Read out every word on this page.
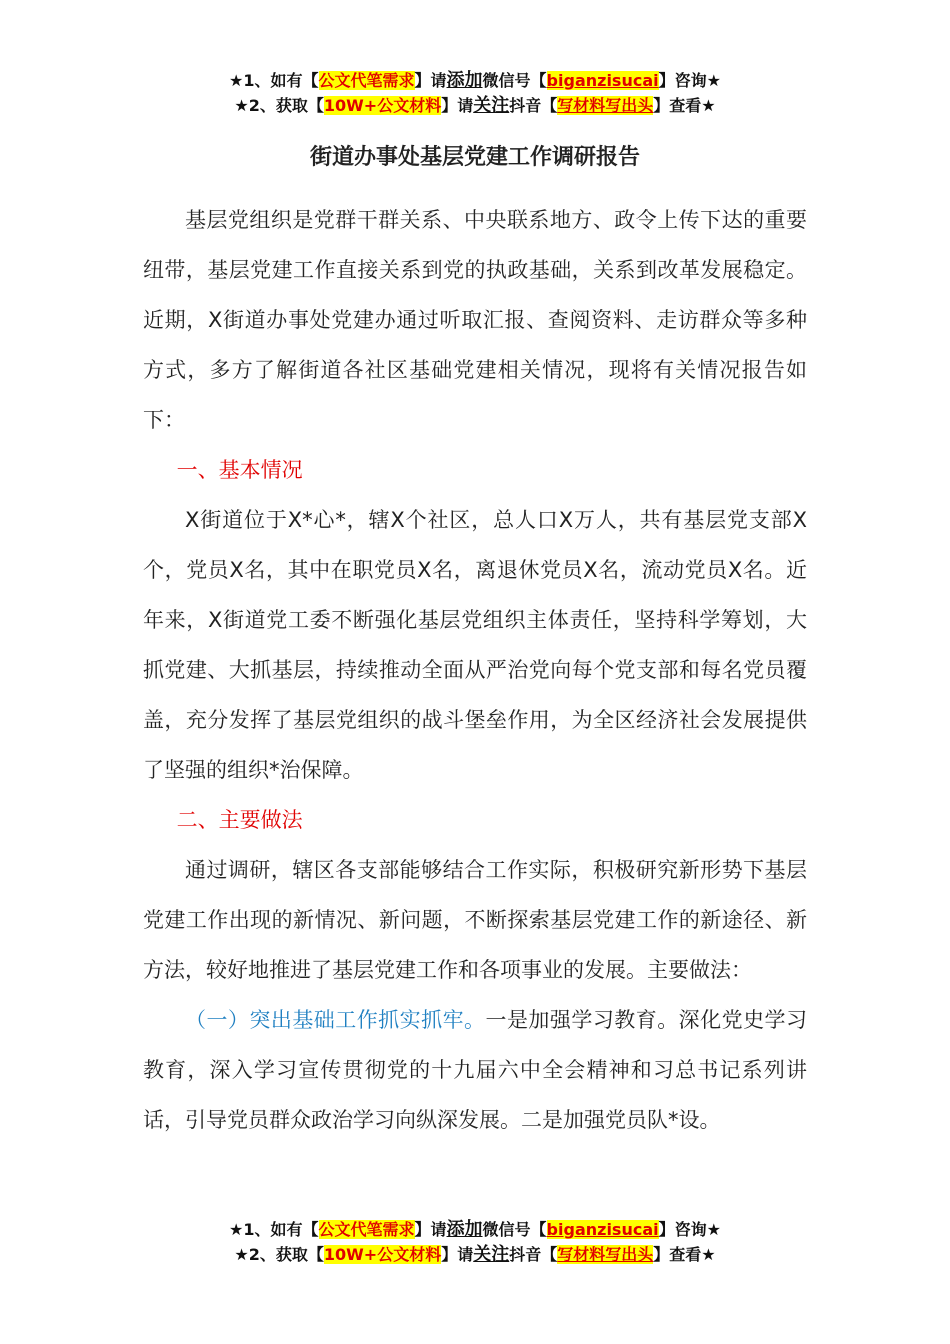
★1、如有【公文代笔需求】请添加微信号【biganzisucai】咨询★
★2、获取【10W+公文材料】请关注抖音【写材料写出头】查看★
街道办事处基层党建工作调研报告

基层党组织是党群干群关系、中央联系地方、政令上传下达的重要纽带，基层党建工作直接关系到党的执政基础，关系到改革发展稳定。近期，X街道办事处党建办通过听取汇报、查阅资料、走访群众等多种方式，多方了解街道各社区基础党建相关情况，现将有关情况报告如下：

一、基本情况

X街道位于X*心*，辖X个社区，总人口X万人，共有基层党支部X个，党员X名，其中在职党员X名，离退休党员X名，流动党员X名。近年来，X街道党工委不断强化基层党组织主体责任，坚持科学筹划，大抓党建、大抓基层，持续推动全面从严治党向每个党支部和每名党员覆盖，充分发挥了基层党组织的战斗堡垒作用，为全区经济社会发展提供了坚强的组织*治保障。

二、主要做法

通过调研，辖区各支部能够结合工作实际，积极研究新形势下基层党建工作出现的新情况、新问题，不断探索基层党建工作的新途径、新方法，较好地推进了基层党建工作和各项事业的发展。主要做法：

（一）突出基础工作抓实抓牢。一是加强学习教育。深化党史学习教育，深入学习宣传贯彻党的十九届六中全会精神和习总书记系列讲话，引导党员群众政治学习向纵深发展。二是加强党员队*设。

★1、如有【公文代笔需求】请添加微信号【biganzisucai】咨询★
★2、获取【10W+公文材料】请关注抖音【写材料写出头】查看★
